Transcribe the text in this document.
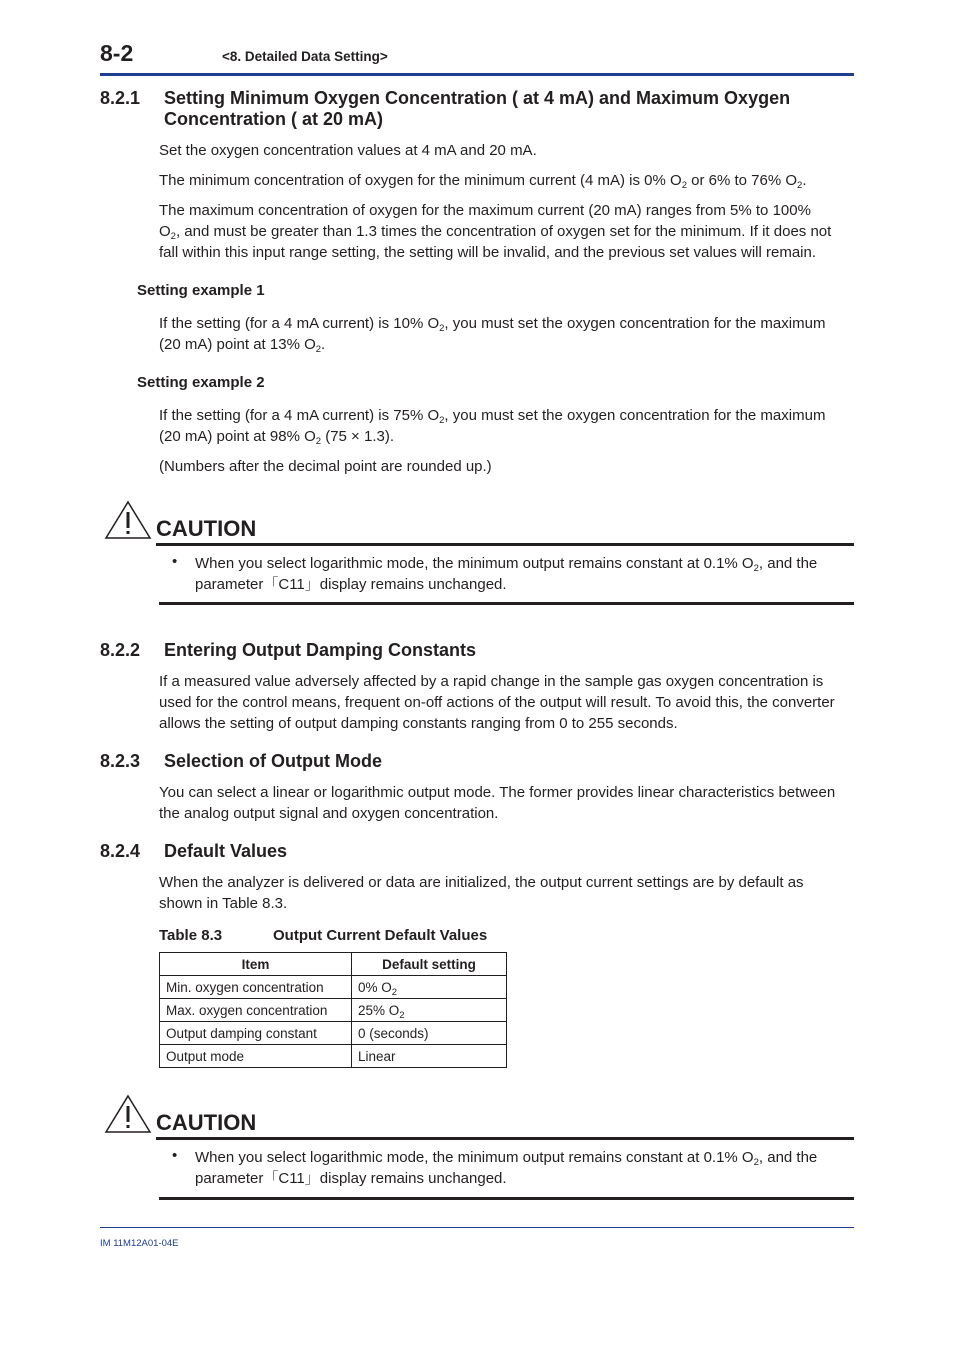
8-2	<8. Detailed Data Setting>
8.2.1 Setting Minimum Oxygen Concentration ( at 4 mA) and Maximum Oxygen
Concentration ( at 20 mA)
Set the oxygen concentration values at 4 mA and 20 mA.
The minimum concentration of oxygen for the minimum current (4 mA) is 0% $O_2$ or 6% to 76% $O_2$.
The maximum concentration of oxygen for the maximum current (20 mA) ranges from 5% to 100%
$O_2$, and must be greater than 1.3 times the concentration of oxygen set for the minimum. If it does not
fall within this input range setting, the setting will be invalid, and the previous set values will remain.
Setting example 1
If the setting (for a 4 mA current) is 10% $O_2$, you must set the oxygen concentration for the maximum
(20 mA) point at 13% $O_2$.
Setting example 2
If the setting (for a 4 mA current) is 75% $O_2$, you must set the oxygen concentration for the maximum
(20 mA) point at 98% $O_2$ (75 × 1.3).
(Numbers after the decimal point are rounded up.)
CAUTION
• When you select logarithmic mode, the minimum output remains constant at 0.1% $O_2$, and the
parameter「C11」display remains unchanged.
8.2.2 Entering Output Damping Constants
If a measured value adversely affected by a rapid change in the sample gas oxygen concentration is
used for the control means, frequent on-off actions of the output will result. To avoid this, the converter
allows the setting of output damping constants ranging from 0 to 255 seconds.
8.2.3 Selection of Output Mode
You can select a linear or logarithmic output mode. The former provides linear characteristics between
the analog output signal and oxygen concentration.
8.2.4 Default Values
When the analyzer is delivered or data are initialized, the output current settings are by default as
shown in Table 8.3.
Table 8.3	Output Current Default Values
Item	Default setting
Min. oxygen concentration	0% $O_2$
Max. oxygen concentration	25% $O_2$
Output damping constant	0 (seconds)
Output mode	Linear
CAUTION
• When you select logarithmic mode, the minimum output remains constant at 0.1% $O_2$, and the
parameter「C11」display remains unchanged.
IM 11M12A01-04E
